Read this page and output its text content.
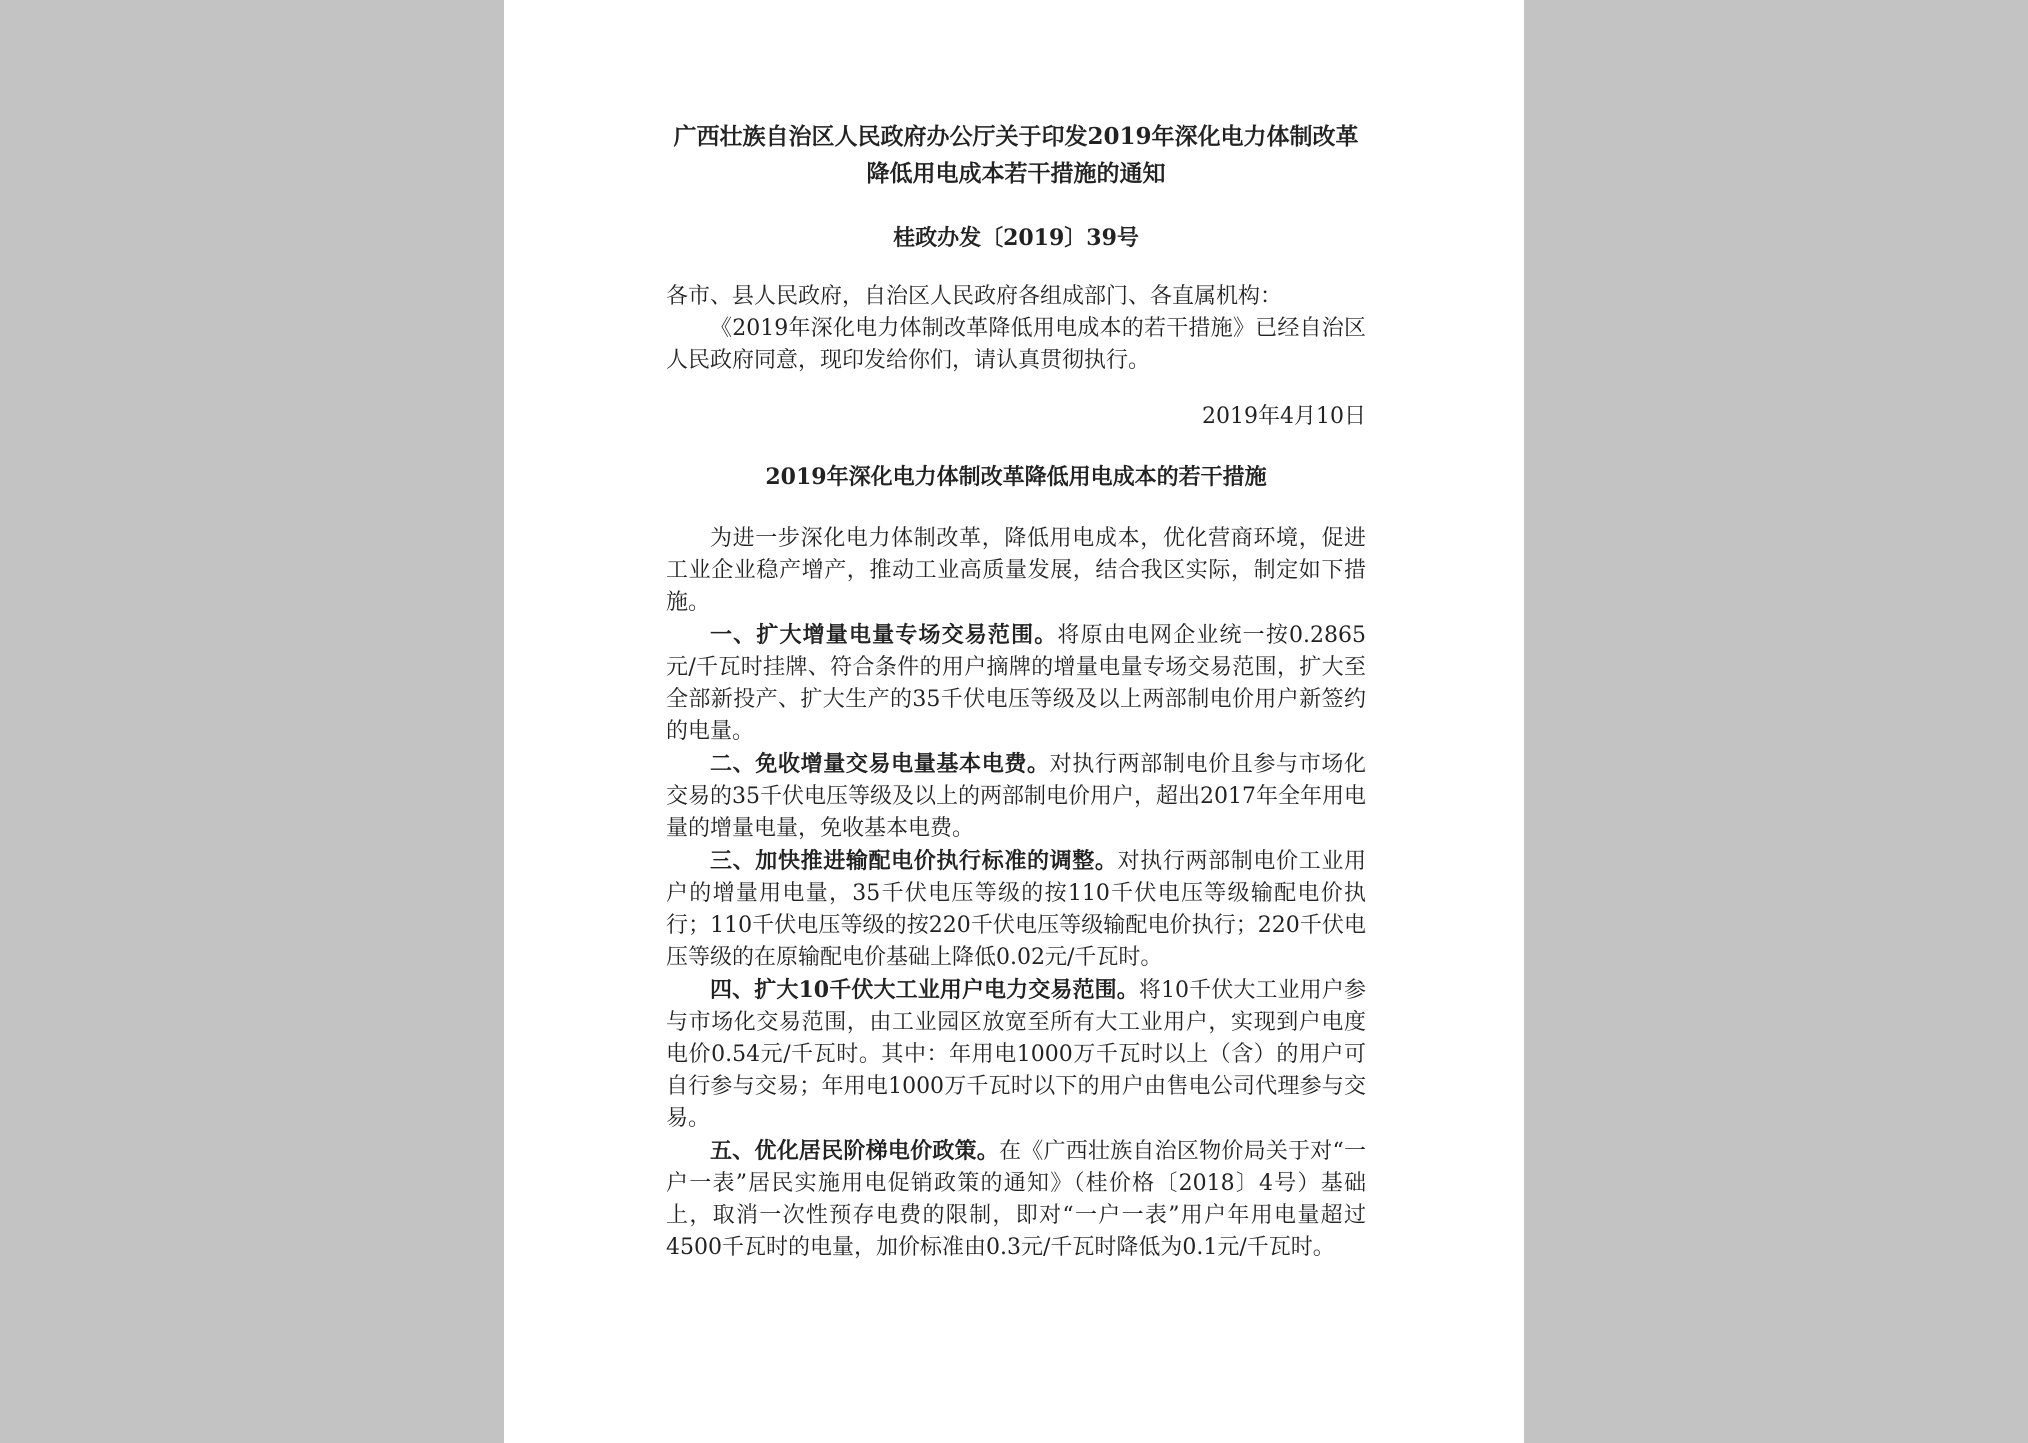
广西壮族自治区人民政府办公厅关于印发2019年深化电力体制改革降低用电成本若干措施的通知

桂政办发〔2019〕39号

各市、县人民政府，自治区人民政府各组成部门、各直属机构：

《2019年深化电力体制改革降低用电成本的若干措施》已经自治区人民政府同意，现印发给你们，请认真贯彻执行。

2019年4月10日
2019年深化电力体制改革降低用电成本的若干措施

为进一步深化电力体制改革，降低用电成本，优化营商环境，促进工业企业稳产增产，推动工业高质量发展，结合我区实际，制定如下措施。

一、扩大增量电量专场交易范围。将原由电网企业统一按0.2865元/千瓦时挂牌、符合条件的用户摘牌的增量电量专场交易范围，扩大至全部新投产、扩大生产的35千伏电压等级及以上两部制电价用户新签约的电量。

二、免收增量交易电量基本电费。对执行两部制电价且参与市场化交易的35千伏电压等级及以上的两部制电价用户，超出2017年全年用电量的增量电量，免收基本电费。

三、加快推进输配电价执行标准的调整。对执行两部制电价工业用户的增量用电量，35千伏电压等级的按110千伏电压等级输配电价执行；110千伏电压等级的按220千伏电压等级输配电价执行；220千伏电压等级的在原输配电价基础上降低0.02元/千瓦时。

四、扩大10千伏大工业用户电力交易范围。将10千伏大工业用户参与市场化交易范围，由工业园区放宽至所有大工业用户，实现到户电度电价0.54元/千瓦时。其中：年用电1000万千瓦时以上（含）的用户可自行参与交易；年用电1000万千瓦时以下的用户由售电公司代理参与交易。

五、优化居民阶梯电价政策。在《广西壮族自治区物价局关于对“一户一表”居民实施用电促销政策的通知》（桂价格〔2018〕4号）基础上，取消一次性预存电费的限制，即对“一户一表”用户年用电量超过4500千瓦时的电量，加价标准由0.3元/千瓦时降低为0.1元/千瓦时。
